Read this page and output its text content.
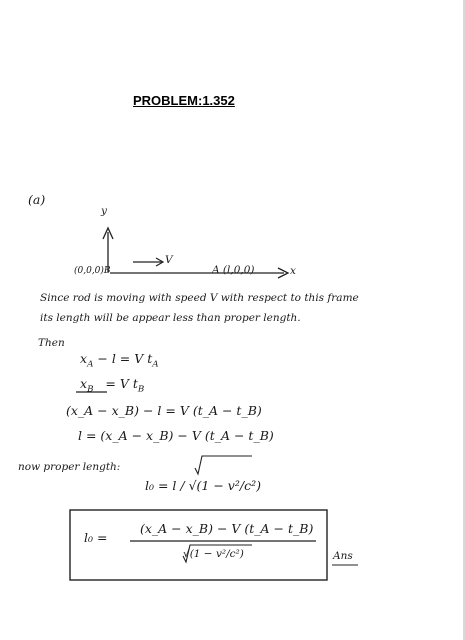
PROBLEM:1.352

(a)

y

x

V

(0,0,0)B	A (l,0,0)

Since rod is moving with speed V with respect to this frame

its length will be appear less than proper length.

Then

$x_A - l = V$ $t_A$

$x_B = V$ $t_B$

(x_A − x_B) − l = V (t_A − t_B)

l = (x_A − x_B) − V (t_A − t_B)

now proper length:

l₀ = l / √(1 − v²/c²)

l₀ =

(x_A − x_B) − V (t_A − t_B)

√(1 − v²/c²)	Ans
